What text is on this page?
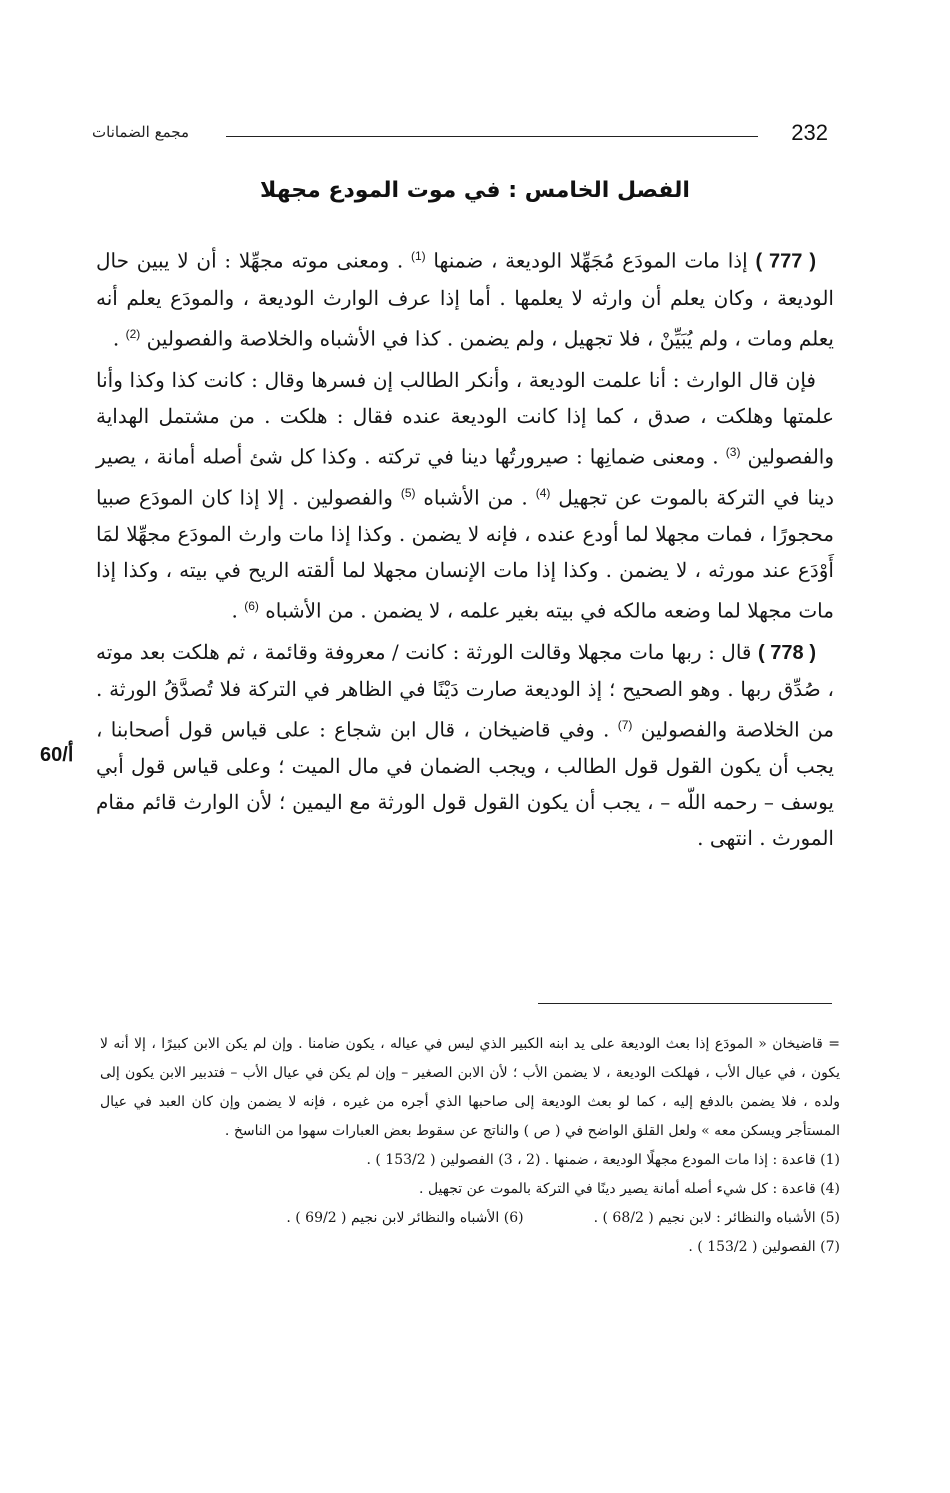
232
مجمع الضمانات
الفصل الخامس : في موت المودع مجهلا
60/أ

( 777 ) إذا مات المودَع مُجَهِّلا الوديعة ، ضمنها $^{(1)}$ . ومعنى موته مجهِّلا : أن لا يبين حال الوديعة ، وكان يعلم أن وارثه لا يعلمها . أما إذا عرف الوارث الوديعة ، والمودَع يعلم أنه يعلم ومات ، ولم يُبَيِّنْ ، فلا تجهيل ، ولم يضمن . كذا في الأشباه والخلاصة والفصولين $^{(2)}$ .

فإن قال الوارث : أنا علمت الوديعة ، وأنكر الطالب إن فسرها وقال : كانت كذا وكذا وأنا علمتها وهلكت ، صدق ، كما إذا كانت الوديعة عنده فقال : هلكت . من مشتمل الهداية والفصولين $^{(3)}$ . ومعنى ضمانِها : صيرورتُها دينا في تركته . وكذا كل شئ أصله أمانة ، يصير دينا في التركة بالموت عن تجهيل $^{(4)}$ . من الأشباه $^{(5)}$ والفصولين . إلا إذا كان المودَع صبيا محجورًا ، فمات مجهلا لما أودع عنده ، فإنه لا يضمن . وكذا إذا مات وارث المودَع مجهِّلا لمَا أَوْدَع عند مورثه ، لا يضمن . وكذا إذا مات الإنسان مجهلا لما ألقته الريح في بيته ، وكذا إذا مات مجهلا لما وضعه مالكه في بيته بغير علمه ، لا يضمن . من الأشباه $^{(6)}$ .

( 778 ) قال : ربها مات مجهلا وقالت الورثة : كانت / معروفة وقائمة ، ثم هلكت بعد موته ، صُدِّق ربها . وهو الصحيح ؛ إذ الوديعة صارت دَيْنًا في الظاهر في التركة فلا تُصدَّقُ الورثة . من الخلاصة والفصولين $^{(7)}$ . وفي قاضيخان ، قال ابن شجاع : على قياس قول أصحابنا ، يجب أن يكون القول قول الطالب ، ويجب الضمان في مال الميت ؛ وعلى قياس قول أبي يوسف – رحمه اللّه – ، يجب أن يكون القول قول الورثة مع اليمين ؛ لأن الوارث قائم مقام المورث . انتهى .

= قاضيخان « المودَع إذا بعث الوديعة على يد ابنه الكبير الذي ليس في عياله ، يكون ضامنا . وإن لم يكن الابن كبيرًا ، إلا أنه لا يكون ، في عيال الأب ، فهلكت الوديعة ، لا يضمن الأب ؛ لأن الابن الصغير – وإن لم يكن في عيال الأب – فتدبير الابن يكون إلى ولده ، فلا يضمن بالدفع إليه ، كما لو بعث الوديعة إلى صاحبها الذي أجره من غيره ، فإنه لا يضمن وإن كان العبد في عيال المستأجر ويسكن معه » ولعل القلق الواضح في ( ص ) والناتج عن سقوط بعض العبارات سهوا من الناسخ .

(1) قاعدة : إذا مات المودع مجهلًا الوديعة ، ضمنها . (2 ، 3) الفصولين ( 153/2 ) .

(4) قاعدة : كل شيء أصله أمانة يصير دينًا في التركة بالموت عن تجهيل .

(5) الأشباه والنظائر : لابن نجيم ( 68/2 ) .
(6) الأشباه والنظائر لابن نجيم ( 69/2 ) .

(7) الفصولين ( 153/2 ) .
